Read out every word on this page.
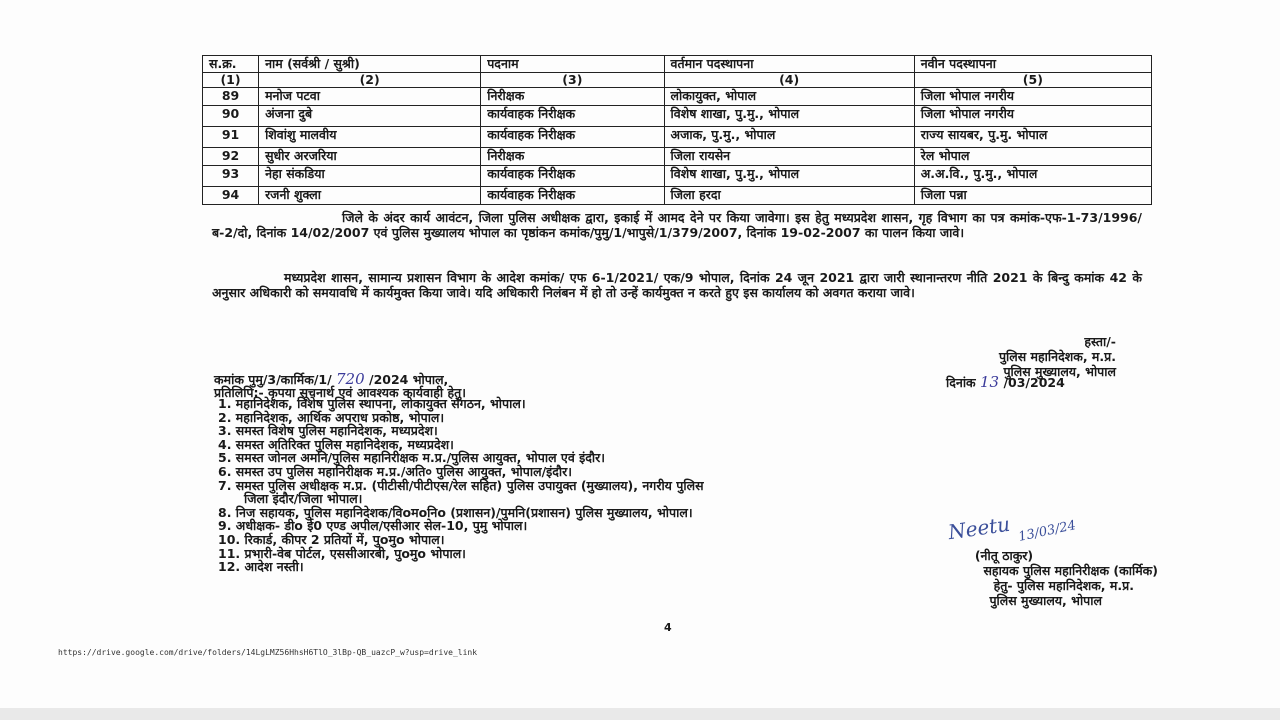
स.क्र.	नाम (सर्वश्री / सुश्री)	पदनाम	वर्तमान पदस्थापना	नवीन पदस्थापना
(1)	(2)	(3)	(4)	(5)
89	मनोज पटवा	निरीक्षक	लोकायुक्त, भोपाल	जिला भोपाल नगरीय
90	अंजना दुबे	कार्यवाहक निरीक्षक	विशेष शाखा, पु.मु., भोपाल	जिला भोपाल नगरीय
91	शिवांशु मालवीय	कार्यवाहक निरीक्षक	अजाक, पु.मु., भोपाल	राज्य सायबर, पु.मु. भोपाल
92	सुधीर अरजरिया	निरीक्षक	जिला रायसेन	रेल भोपाल
93	नेहा संकडिया	कार्यवाहक निरीक्षक	विशेष शाखा, पु.मु., भोपाल	अ.अ.वि., पु.मु., भोपाल
94	रजनी शुक्ला	कार्यवाहक निरीक्षक	जिला हरदा	जिला पन्ना

जिले के अंदर कार्य आवंटन, जिला पुलिस अधीक्षक द्वारा, इकाई में आमद देने पर किया जावेगा। इस हेतु मध्यप्रदेश शासन, गृह विभाग का पत्र कमांक-एफ-1-73/1996/ ब-2/दो, दिनांक 14/02/2007 एवं पुलिस मुख्यालय भोपाल का पृष्ठांकन कमांक/पुमु/1/भापुसे/1/379/2007, दिनांक 19-02-2007 का पालन किया जावे।

मध्यप्रदेश शासन, सामान्य प्रशासन विभाग के आदेश कमांक/ एफ 6-1/2021/ एक/9 भोपाल, दिनांक 24 जून 2021 द्वारा जारी स्थानान्तरण नीति 2021 के बिन्दु कमांक 42 के अनुसार अधिकारी को समयावधि में कार्यमुक्त किया जावे। यदि अधिकारी निलंबन में हो तो उन्हें कार्यमुक्त न करते हुए इस कार्यालय को अवगत कराया जावे।

हस्ता/-
पुलिस महानिदेशक, म.प्र.
पुलिस मुख्यालय, भोपाल
दिनांक 13 /03/2024
कमांक पुमु/3/कार्मिक/1/ 720 /2024 भोपाल,
प्रतिलिपि:- कृपया सूचनार्थ एवं आवश्यक कार्यवाही हेतु।
1. महानिदेशक, विशेष पुलिस स्थापना, लोकायुक्त संगठन, भोपाल।
2. महानिदेशक, आर्थिक अपराध प्रकोष्ठ, भोपाल।
3. समस्त विशेष पुलिस महानिदेशक, मध्यप्रदेश।
4. समस्त अतिरिक्त पुलिस महानिदेशक, मध्यप्रदेश।
5. समस्त जोनल अमनि/पुलिस महानिरीक्षक म.प्र./पुलिस आयुक्त, भोपाल एवं इंदौर।
6. समस्त उप पुलिस महानिरीक्षक म.प्र./अति० पुलिस आयुक्त, भोपाल/इंदौर।
7. समस्त पुलिस अधीक्षक म.प्र. (पीटीसी/पीटीएस/रेल सहित) पुलिस उपायुक्त (मुख्यालय), नगरीय पुलिस
जिला इंदौर/जिला भोपाल।
8. निज सहायक, पुलिस महानिदेशक/विoमoनिo (प्रशासन)/पुमनि(प्रशासन) पुलिस मुख्यालय, भोपाल।
9. अधीक्षक- डीo ई0 एण्ड अपील/एसीआर सेल-10, पुमु भोपाल।
10. रिकार्ड, कीपर 2 प्रतियों में, पुoमुo भोपाल।
11. प्रभारी-वेब पोर्टल, एससीआरबी, पुoमुo भोपाल।
12. आदेश नस्ती।
Neetu 13/03/24
(नीतू ठाकुर)
सहायक पुलिस महानिरीक्षक (कार्मिक)
हेतु- पुलिस महानिदेशक, म.प्र.
पुलिस मुख्यालय, भोपाल
4
https://drive.google.com/drive/folders/14LgLMZ56HhsH6TlO_3lBp-QB_uazcP_w?usp=drive_link
